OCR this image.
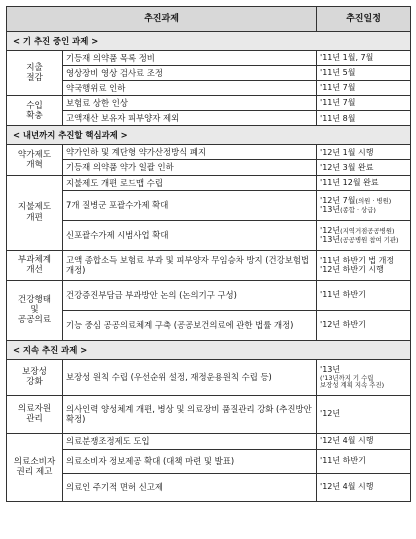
추진과제		추진일정
< 기 추진 중인 과제 >		

지출
절감	기등재 의약품 목록 정비	'11년 1월, 7월
	영상장비 영상 검사료 조정	'11년 5월
	약국행위료 인하	'11년 7월

수입
확충	보험료 상한 인상	'11년 7월
	고액재산 보유자 피부양자 제외	'11년 8월
< 내년까지 추진할 핵심과제 >		

약가제도
개혁	약가인하 및 계단형 약가산정방식 폐지	'12년 1월 시행
	기등재 의약품 약가 일괄 인하	'12년 3월 완료

지불제도
개편	지불제도 개편 로드맵 수립	'11년 12월 완료
	7개 질병군 포괄수가제 확대	'12년 7월(의원 · 병원)
'13년(종합 · 상급)

	신포괄수가제 시범사업 확대	'12년(지역거점공공병원)
'13년(공공병원 참여 기관)

부과체계
개선	고액 종합소득 보험료 부과 및 피부양자 무임승차 방지 (건강보험법 개정)	'11년 하반기 법 개정
'12년 하반기 시행

건강행태
및
공공의료	건강증진부담금 부과방안 논의 (논의기구 구성)	'11년 하반기
	기능 중심 공공의료체계 구축 (공공보건의료에 관한 법률 개정)	'12년 하반기
< 지속 추진 과제 >		

보장성
강화	보장성 원칙 수립 (우선순위 설정, 재정운용원칙 수립 등)	'13년
('13년까지 기 수립
보장성 계획 지속 추진)

의료자원
관리	의사인력 양성체계 개편, 병상 및 의료장비 품질관리 강화 (추진방안 확정)	'12년

의료소비자
권리 제고	의료분쟁조정제도 도입	'12년 4월 시행
	의료소비자 정보제공 확대 (대책 마련 및 발표)	'11년 하반기
	의료인 주기적 면허 신고제	'12년 4월 시행
